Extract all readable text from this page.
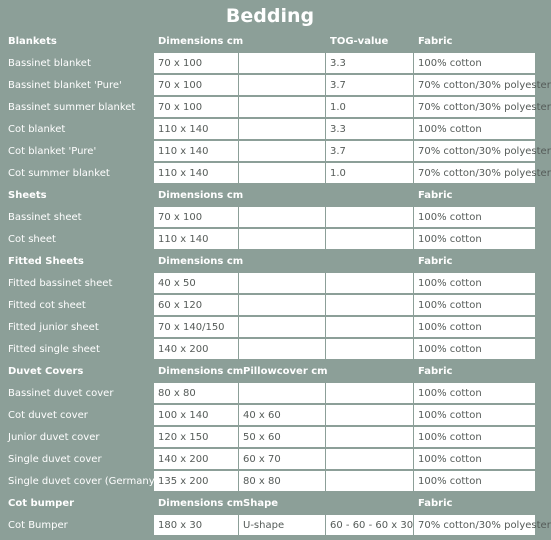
Bedding
Blankets	Dimensions cm		TOG-value	Fabric
Bassinet blanket	70 x 100		3.3	100% cotton
Bassinet blanket 'Pure'	70 x 100		3.7	70% cotton/30% polyester
Bassinet summer blanket	70 x 100		1.0	70% cotton/30% polyester
Cot blanket	110 x 140		3.3	100% cotton
Cot blanket 'Pure'	110 x 140		3.7	70% cotton/30% polyester
Cot summer blanket	110 x 140		1.0	70% cotton/30% polyester
Sheets	Dimensions cm			Fabric
Bassinet sheet	70 x 100			100% cotton
Cot sheet	110 x 140			100% cotton
Fitted Sheets	Dimensions cm			Fabric
Fitted bassinet sheet	40 x 50			100% cotton
Fitted cot sheet	60 x 120			100% cotton
Fitted junior sheet	70 x 140/150			100% cotton
Fitted single sheet	140 x 200			100% cotton
Duvet Covers	Dimensions cm	Pillowcover cm		Fabric
Bassinet duvet cover	80 x 80			100% cotton
Cot duvet cover	100 x 140	40 x 60		100% cotton
Junior duvet cover	120 x 150	50 x 60		100% cotton
Single duvet cover	140 x 200	60 x 70		100% cotton
Single duvet cover (Germany)	135 x 200	80 x 80		100% cotton
Cot bumper	Dimensions cm	Shape		Fabric
Cot Bumper	180 x 30	U-shape	60 - 60 - 60 x 30	70% cotton/30% polyester
